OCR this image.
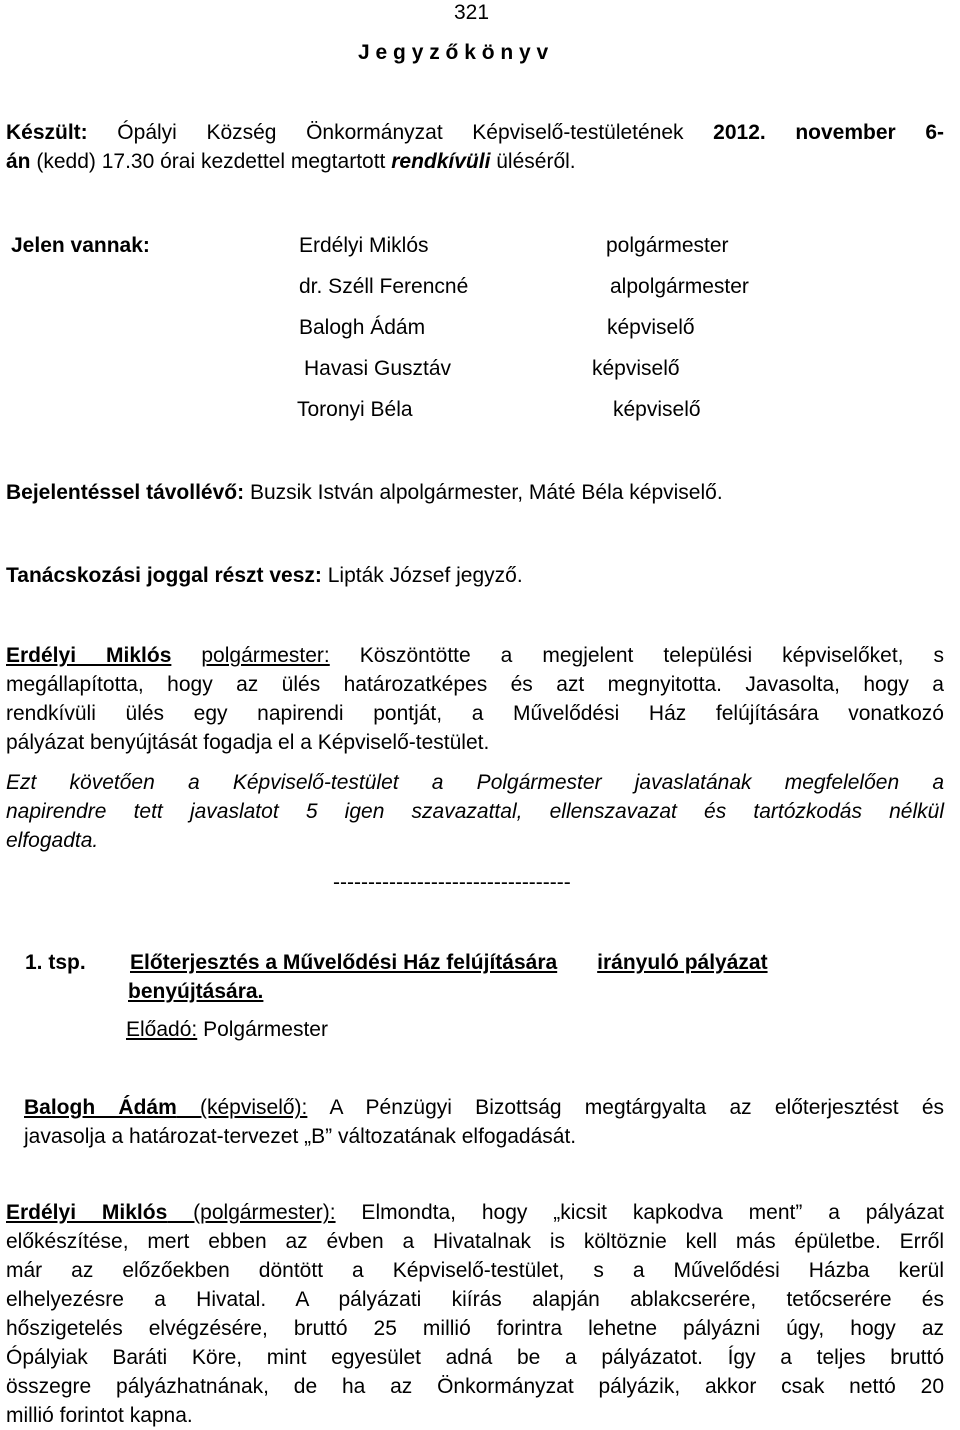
321
J e g y z ő k ö n y v
Készült: Ópályi Község Önkormányzat Képviselő-testületének 2012. november 6-
án (kedd) 17.30 órai kezdettel megtartott rendkívüli üléséről.
Jelen vannak:	Erdélyi Miklós	polgármester
dr. Széll Ferencné	alpolgármester
Balogh Ádám	képviselő
Havasi Gusztáv	képviselő
Toronyi Béla	képviselő
Bejelentéssel távollévő: Buzsik István alpolgármester, Máté Béla képviselő.
Tanácskozási joggal részt vesz: Lipták József jegyző.
Erdélyi Miklós polgármester: Köszöntötte a megjelent települési képviselőket, s
megállapította, hogy az ülés határozatképes és azt megnyitotta. Javasolta, hogy a
rendkívüli ülés egy napirendi pontját, a Művelődési Ház felújítására vonatkozó
pályázat benyújtását fogadja el a Képviselő-testület.
Ezt követően a Képviselő-testület a Polgármester javaslatának megfelelően a
napirendre tett javaslatot 5 igen szavazattal, ellenszavazat és tartózkodás nélkül
elfogadta.
----------------------------------
1. tsp. Előterjesztés a Művelődési Ház felújítására irányuló pályázat
benyújtására.
Előadó: Polgármester
Balogh Ádám (képviselő): A Pénzügyi Bizottság megtárgyalta az előterjesztést és
javasolja a határozat-tervezet „B” változatának elfogadását.
Erdélyi Miklós (polgármester): Elmondta, hogy „kicsit kapkodva ment” a pályázat
előkészítése, mert ebben az évben a Hivatalnak is költöznie kell más épületbe. Erről
már az előzőekben döntött a Képviselő-testület, s a Művelődési Házba kerül
elhelyezésre a Hivatal. A pályázati kiírás alapján ablakcserére, tetőcserére és
hőszigetelés elvégzésére, bruttó 25 millió forintra lehetne pályázni úgy, hogy az
Ópályiak Baráti Köre, mint egyesület adná be a pályázatot. Így a teljes bruttó
összegre pályázhatnának, de ha az Önkormányzat pályázik, akkor csak nettó 20
millió forintot kapna.
